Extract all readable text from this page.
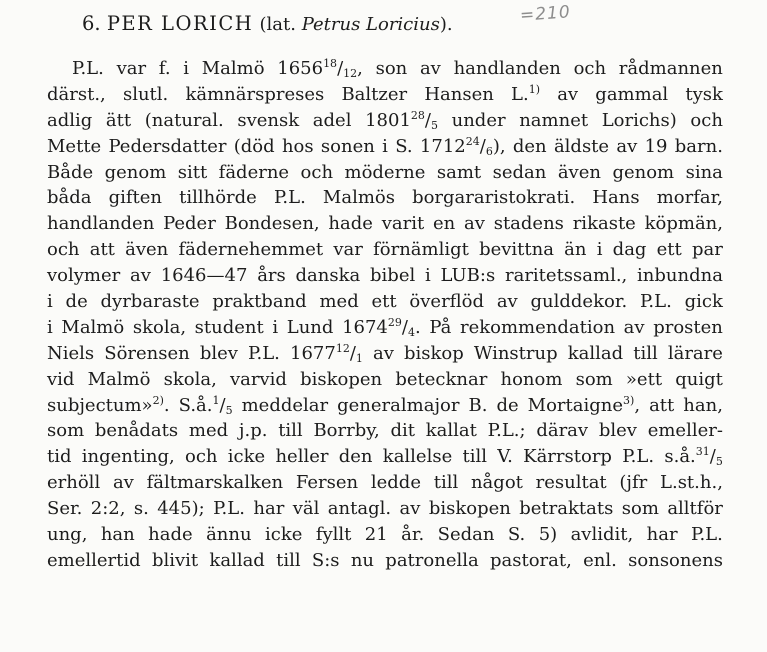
6. PER LORICH (lat. Petrus Loricius).	=210
P.L. var f. i Malmö $1656^{18}/_{12}$, son av handlanden och rådmannen
därst., slutl. kämnärspreses Baltzer Hansen L.$^{1)}$ av gammal tysk
adlig ätt (natural. svensk adel $1801^{28}/_5$ under namnet Lorichs) och
Mette Pedersdatter (död hos sonen i S. $1712^{24}/_6$), den äldste av 19 barn.
Både genom sitt fäderne och möderne samt sedan även genom sina
båda giften tillhörde P.L. Malmös borgararistokrati. Hans morfar,
handlanden Peder Bondesen, hade varit en av stadens rikaste köpmän,
och att även fädernehemmet var förnämligt bevittna än i dag ett par
volymer av 1646—47 års danska bibel i LUB:s raritetssaml., inbundna
i de dyrbaraste praktband med ett överflöd av gulddekor. P.L. gick
i Malmö skola, student i Lund $1674^{29}/_4$. På rekommendation av prosten
Niels Sörensen blev P.L. $1677^{12}/_1$ av biskop Winstrup kallad till lärare
vid Malmö skola, varvid biskopen betecknar honom som »ett quigt
subjectum»$^{2)}$. $S.å.^1/_5$ meddelar generalmajor B. de Mortaigne$^{3)}$, att han,
som benådats med j.p. till Borrby, dit kallat P.L.; därav blev emeller-
tid ingenting, och icke heller den kallelse till V. Kärrstorp P.L. $s.å.^{31}/_5$
erhöll av fältmarskalken Fersen ledde till något resultat (jfr L.st.h.,
Ser. 2:2, s. 445); P.L. har väl antagl. av biskopen betraktats som alltför
ung, han hade ännu icke fyllt 21 år. Sedan S. 5) avlidit, har P.L.
emellertid blivit kallad till S:s nu patronella pastorat, enl. sonsonens
